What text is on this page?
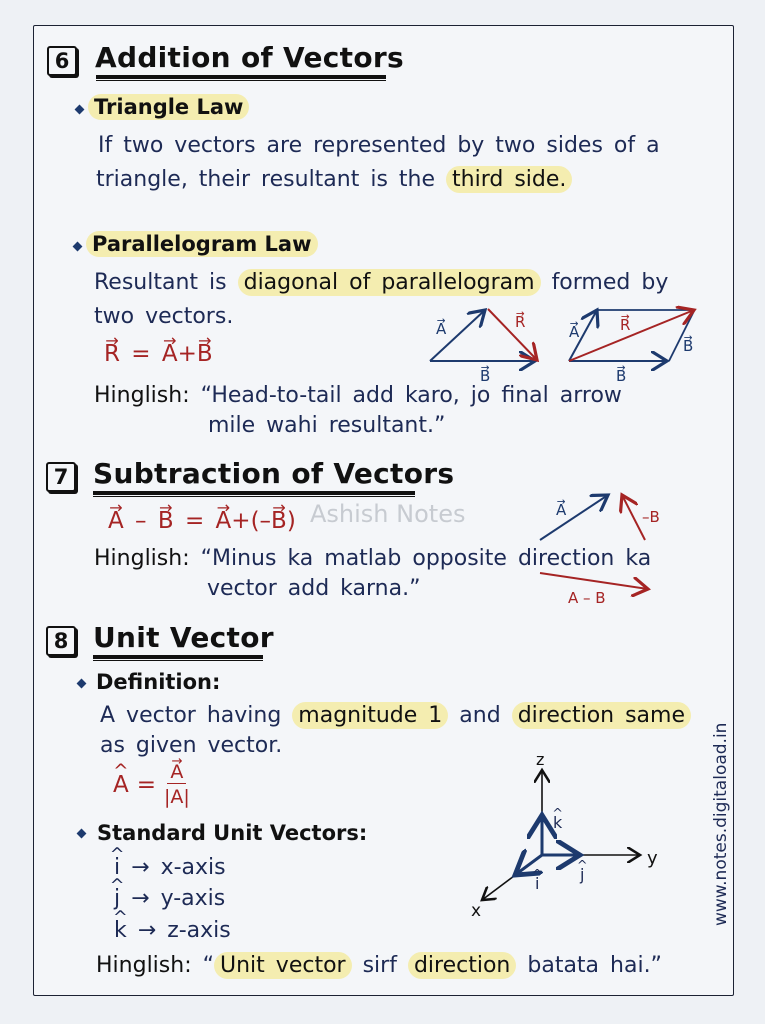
6 Addition of Vectors
Triangle Law
If two vectors are represented by two sides of a
triangle, their resultant is the third side.
Parallelogram Law
Resultant is diagonal of parallelogram formed by
two vectors.
→ R = → A+→ B
Hinglish: “Head-to-tail add karo, jo final arrow
mile wahi resultant.”
→ A	→ R
→ B
→ A	→ R
→ B
→ B
7 Subtraction of Vectors
→ A – → B = → A+(–→ B) Ashish Notes
Hinglish: “Minus ka matlab opposite direction ka
vector add karna.”
→ A	–B
A – B
8 Unit Vector
Definition:
A vector having magnitude 1 and direction same
as given vector.
^ A = → $\frac{A}{|A|}$
Standard Unit Vectors:
^ i → x-axis
^ j → y-axis
^ k → z-axis
z
y
x
^ k
^ j
^ i
Hinglish: “ Unit vector sirf direction batata hai.”
www.notes.digitaload.in
